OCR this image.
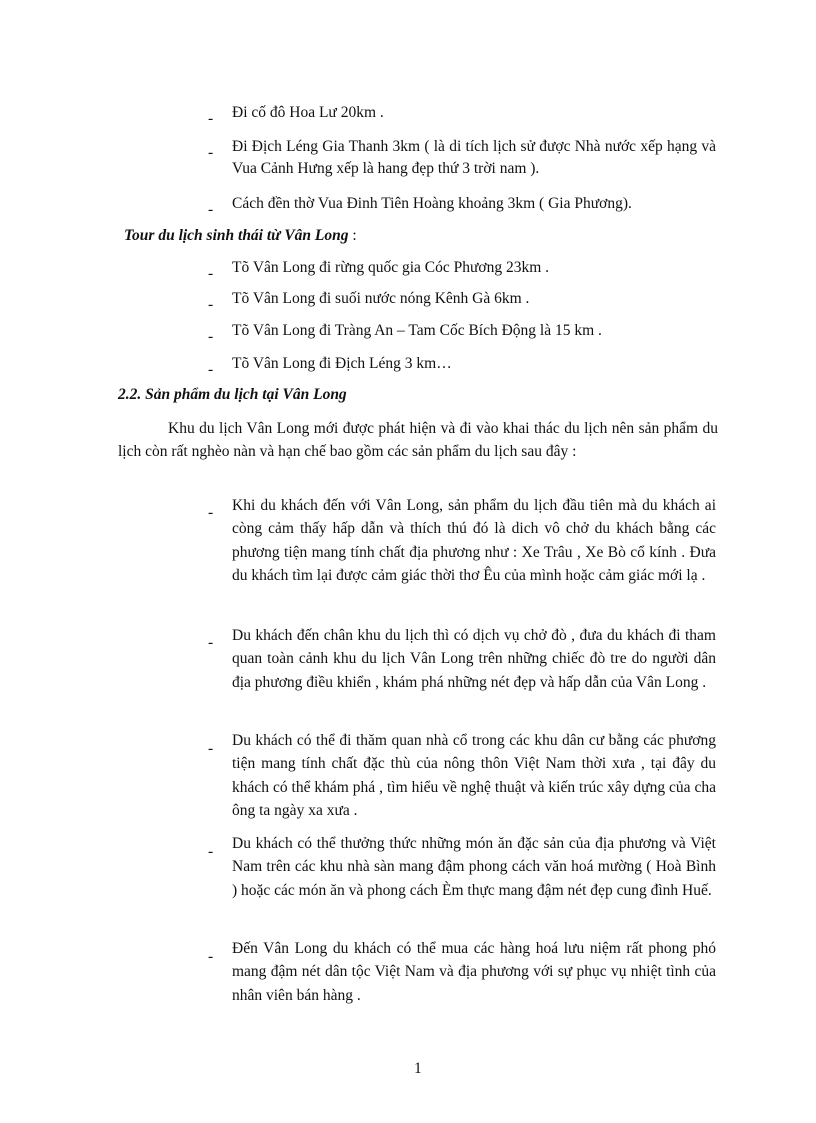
- Đi cố đô Hoa Lư 20km .
- Đi Địch Léng Gia Thanh 3km ( là di tích lịch sử được Nhà nước xếp hạng và Vua Cảnh Hưng xếp là hang đẹp thứ 3 trời nam ).
- Cách đền thờ Vua Đinh Tiên Hoàng khoảng 3km ( Gia Phương).
Tour du lịch sinh thái từ Vân Long :
- Tõ Vân Long đi rừng quốc gia Cóc Phương 23km .
- Tõ Vân Long đi suối nước nóng Kênh Gà 6km .
- Tõ Vân Long đi Tràng An – Tam Cốc Bích Động là 15 km .
- Tõ Vân Long đi Địch Léng 3 km…
2.2. Sản phẩm du lịch tại Vân Long
Khu du lịch Vân Long mới được phát hiện và đi vào khai thác du lịch nên sản phẩm du lịch còn rất nghèo nàn và hạn chế bao gồm các sản phẩm du lịch sau đây :
- Khi du khách đến với Vân Long, sản phẩm du lịch đầu tiên mà du khách ai còng cảm thấy hấp dẫn và thích thú đó là dich vô chở du khách bằng các phương tiện mang tính chất địa phương như : Xe Trâu , Xe Bò cổ kính . Đưa du khách tìm lại được cảm giác thời thơ Êu của mình hoặc cảm giác mới lạ .
- Du khách đến chân khu du lịch thì có dịch vụ chở đò , đưa du khách đi tham quan toàn cảnh khu du lịch Vân Long trên những chiếc đò tre do người dân địa phương điều khiển , khám phá những nét đẹp và hấp dẫn của Vân Long .
- Du khách có thể đi thăm quan nhà cổ trong các khu dân cư bằng các phương tiện mang tính chất đặc thù của nông thôn Việt Nam thời xưa , tại đây du khách có thể khám phá , tìm hiểu về nghệ thuật và kiến trúc xây dựng của cha ông ta ngày xa xưa .
- Du khách có thể thưởng thức những món ăn đặc sản của địa phương và Việt Nam trên các khu nhà sàn mang đậm phong cách văn hoá mường ( Hoà Bình ) hoặc các món ăn và phong cách Èm thực mang đậm nét đẹp cung đình Huế.
- Đến Vân Long du khách có thể mua các hàng hoá lưu niệm rất phong phó mang đậm nét dân tộc Việt Nam và địa phương với sự phục vụ nhiệt tình của nhân viên bán hàng .
1
